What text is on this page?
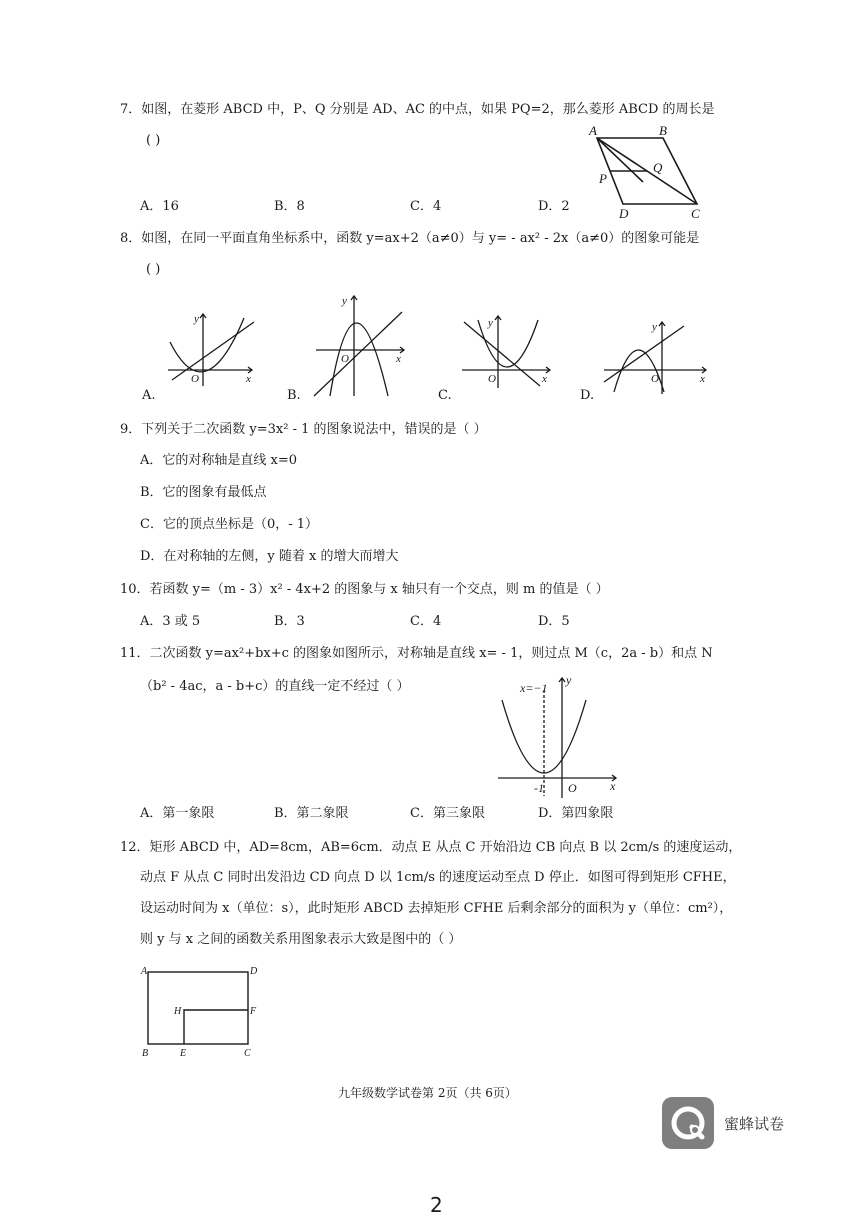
7．如图，在菱形 ABCD 中，P、Q 分别是 AD、AC 的中点，如果 PQ=2，那么菱形 ABCD 的周长是
( )
A．16	B．8	C．4	D．2
A	B
Q
P
D	C
8．如图，在同一平面直角坐标系中，函数 y=ax+2（a≠0）与 y= - ax² - 2x（a≠0）的图象可能是
( )
A.
y
x
O
B.
y
x
O
C.
y
x
O
D.
y
x
O
9．下列关于二次函数 y=3x² - 1 的图象说法中，错误的是（ ）
A．它的对称轴是直线 x=0
B．它的图象有最低点
C．它的顶点坐标是（0，- 1）
D．在对称轴的左侧，y 随着 x 的增大而增大
10．若函数 y=（m - 3）x² - 4x+2 的图象与 x 轴只有一个交点，则 m 的值是（ ）
A．3 或 5	B．3	C．4	D．5
11．二次函数 y=ax²+bx+c 的图象如图所示，对称轴是直线 x= - 1，则过点 M（c，2a - b）和点 N
（b² - 4ac，a - b+c）的直线一定不经过（ ）	x=−1
y
x
O
-1
A．第一象限	B．第二象限	C．第三象限	D．第四象限
12．矩形 ABCD 中，AD=8cm，AB=6cm．动点 E 从点 C 开始沿边 CB 向点 B 以 2cm/s 的速度运动，
动点 F 从点 C 同时出发沿边 CD 向点 D 以 1cm/s 的速度运动至点 D 停止．如图可得到矩形 CFHE，
设运动时间为 x（单位：s），此时矩形 ABCD 去掉矩形 CFHE 后剩余部分的面积为 y（单位：cm²），
则 y 与 x 之间的函数关系用图象表示大致是图中的（ ）
A	D
H	F
B	E	C
九年级数学试卷第 2页（共 6页）
蜜蜂试卷
2
